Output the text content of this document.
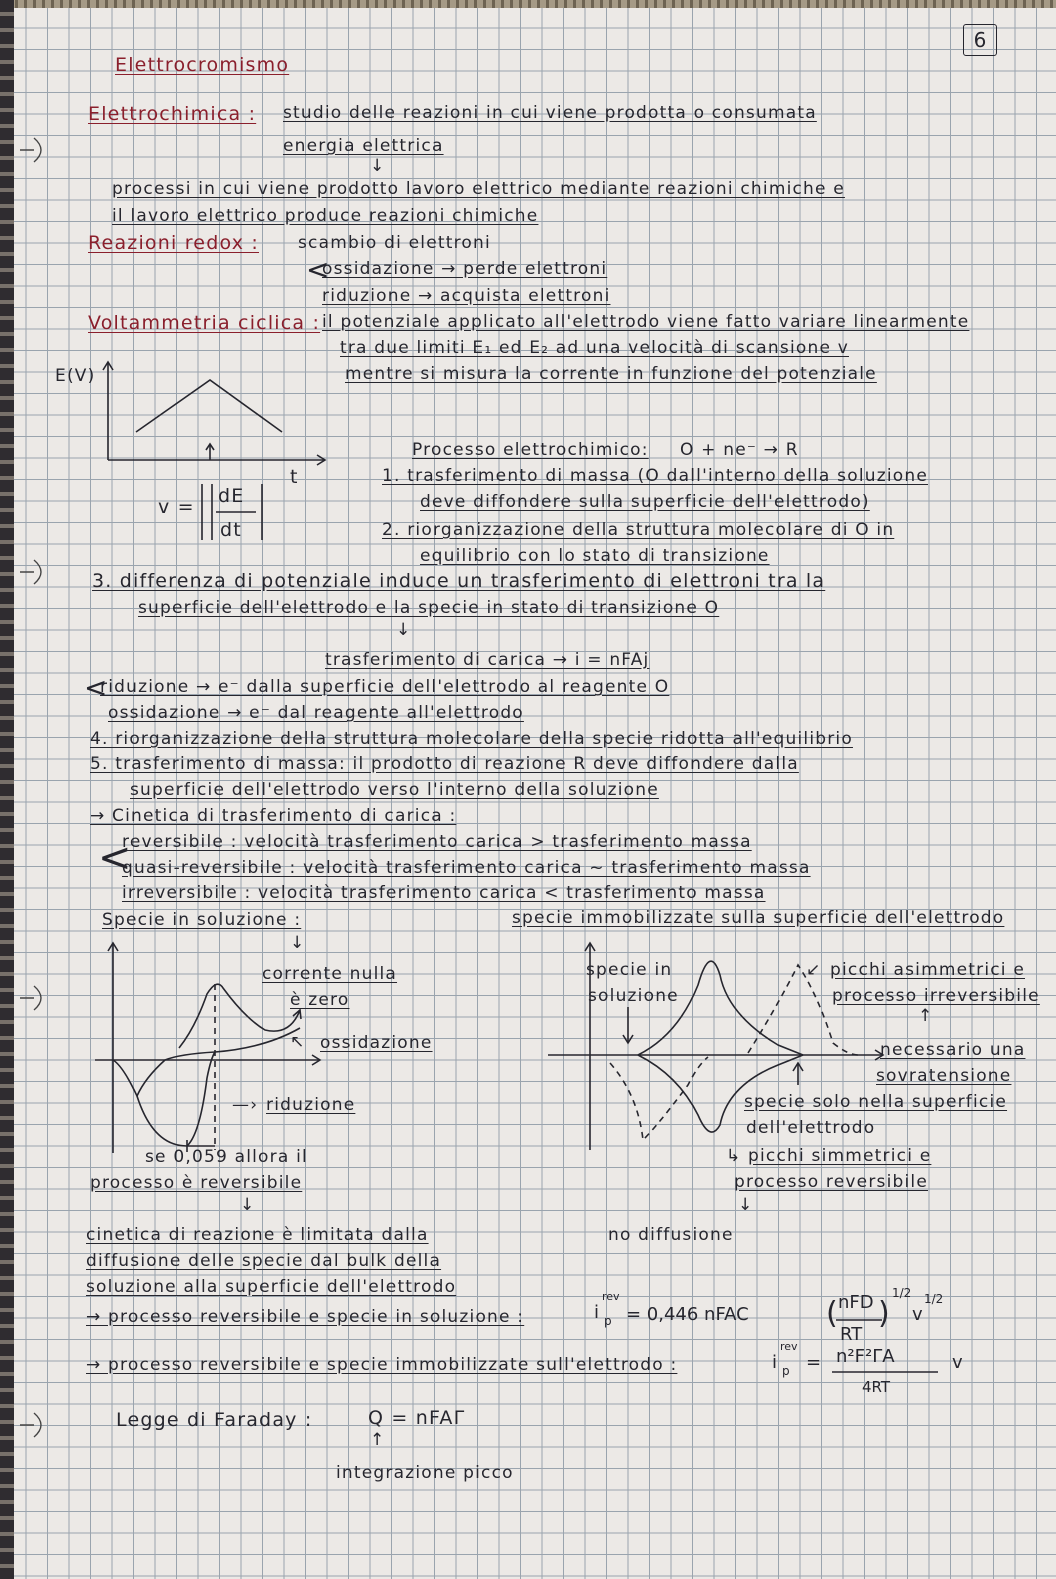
6
Elettrocromismo
Elettrochimica : studio delle reazioni in cui viene prodotta o consumata
energia elettrica
↓
processi in cui viene prodotto lavoro elettrico mediante reazioni chimiche e
il lavoro elettrico produce reazioni chimiche
Reazioni redox : scambio di elettroni
<
ossidazione → perde elettroni
riduzione → acquista elettroni
Voltammetria ciclica : il potenziale applicato all'elettrodo viene fatto variare linearmente
tra due limiti E₁ ed E₂ ad una velocità di scansione v
mentre si misura la corrente in funzione del potenziale
E(V)
t
v = dE
dt
Processo elettrochimico: O + ne⁻ → R
1. trasferimento di massa (O dall'interno della soluzione
deve diffondere sulla superficie dell'elettrodo)
2. riorganizzazione della struttura molecolare di O in
equilibrio con lo stato di transizione
3. differenza di potenziale induce un trasferimento di elettroni tra la
superficie dell'elettrodo e la specie in stato di transizione O
↓
trasferimento di carica → i = nFAj
<
riduzione → e⁻ dalla superficie dell'elettrodo al reagente O
ossidazione → e⁻ dal reagente all'elettrodo
4. riorganizzazione della struttura molecolare della specie ridotta all'equilibrio
5. trasferimento di massa: il prodotto di reazione R deve diffondere dalla
superficie dell'elettrodo verso l'interno della soluzione
→ Cinetica di trasferimento di carica :
<
reversibile : velocità trasferimento carica > trasferimento massa
quasi-reversibile : velocità trasferimento carica ~ trasferimento massa
irreversibile : velocità trasferimento carica < trasferimento massa
Specie in soluzione :
↓
corrente nulla
è zero
ossidazione
↖
riduzione
—›
se 0,059 allora il
processo è reversibile
↓
cinetica di reazione è limitata dalla
diffusione delle specie dal bulk della
soluzione alla superficie dell'elettrodo
specie immobilizzate sulla superficie dell'elettrodo
specie in
soluzione
↙ picchi asimmetrici e
processo irreversibile
↑
necessario una
sovratensione
specie solo nella superficie
dell'elettrodo
↳ picchi simmetrici e
processo reversibile
↓
no diffusione
→ processo reversibile e specie in soluzione :	i
rev
p = 0,446 nFAC	( nFD
RT
)
1/2
v
1/2
→ processo reversibile e specie immobilizzate sull'elettrodo :	i
rev
p = n²F²ΓA
4RT
v
Legge di Faraday :	Q = nFAΓ
↑
integrazione picco
